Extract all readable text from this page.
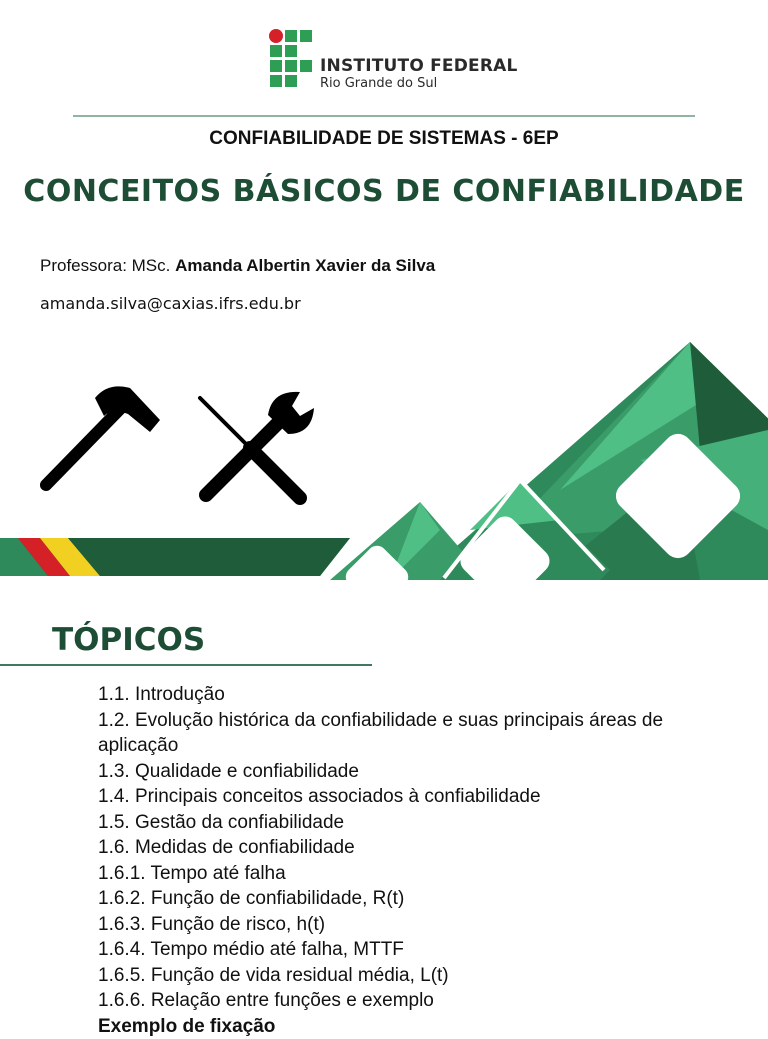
INSTITUTO FEDERAL
Rio Grande do Sul
CONFIABILIDADE DE SISTEMAS - 6EP
CONCEITOS BÁSICOS DE CONFIABILIDADE
Professora: MSc. Amanda Albertin Xavier da Silva
amanda.silva@caxias.ifrs.edu.br
TÓPICOS
1.1. Introdução
1.2. Evolução histórica da confiabilidade e suas principais áreas de aplicação
1.3. Qualidade e confiabilidade
1.4. Principais conceitos associados à confiabilidade
1.5. Gestão da confiabilidade
1.6. Medidas de confiabilidade
1.6.1. Tempo até falha
1.6.2. Função de confiabilidade, R(t)
1.6.3. Função de risco, h(t)
1.6.4. Tempo médio até falha, MTTF
1.6.5. Função de vida residual média, L(t)
1.6.6. Relação entre funções e exemplo
Exemplo de fixação
